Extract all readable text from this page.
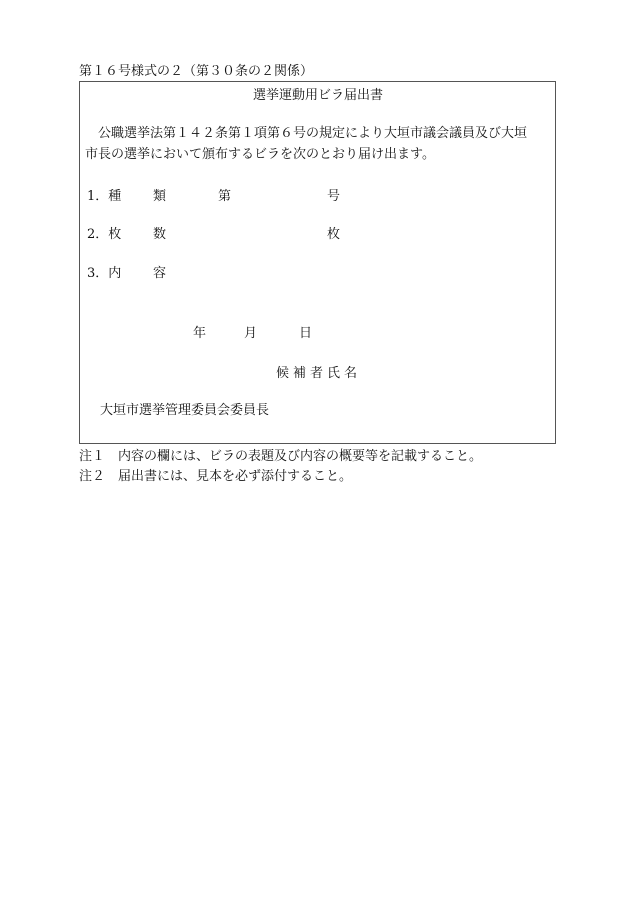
第１６号様式の２（第３０条の２関係）
選挙運動用ビラ届出書
公職選挙法第１４２条第１項第６号の規定により大垣市議会議員及び大垣
市長の選挙において頒布するビラを次のとおり届け出ます。
1．種 類	第	号
2．枚 数	枚
3．内 容
年	月	日
候補者氏名
大垣市選挙管理委員会委員長
注１　内容の欄には、ビラの表題及び内容の概要等を記載すること。
注２　届出書には、見本を必ず添付すること。
